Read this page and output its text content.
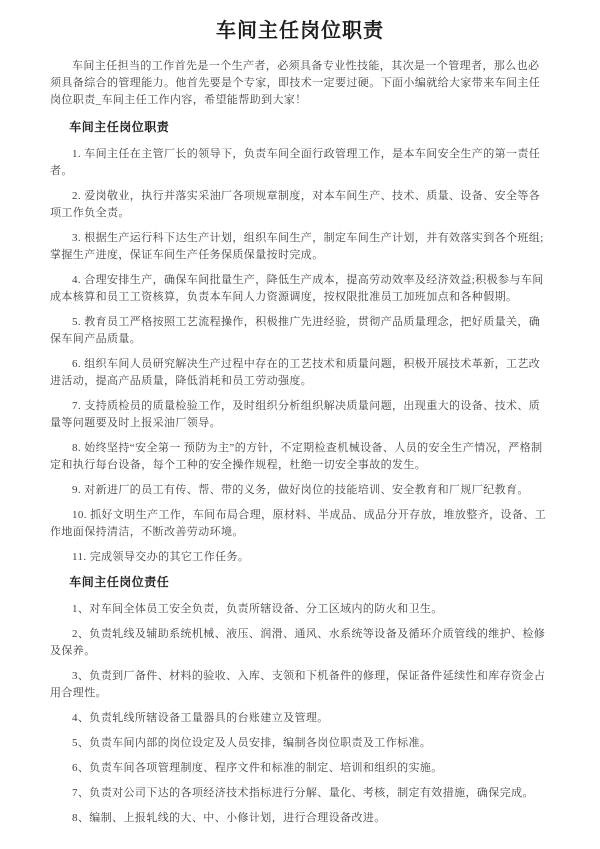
车间主任岗位职责

车间主任担当的工作首先是一个生产者，必须具备专业性技能，其次是一个管理者，那么也必须具备综合的管理能力。他首先要是个专家，即技术一定要过硬。下面小编就给大家带来车间主任岗位职责_车间主任工作内容，希望能帮助到大家！

车间主任岗位职责

1. 车间主任在主管厂长的领导下，负责车间全面行政管理工作，是本车间安全生产的第一责任者。

2. 爱岗敬业，执行并落实采油厂各项规章制度，对本车间生产、技术、质量、设备、安全等各项工作负全责。

3. 根据生产运行科下达生产计划，组织车间生产，制定车间生产计划，并有效落实到各个班组;掌握生产进度，保证车间生产任务保质保量按时完成。

4. 合理安排生产，确保车间批量生产，降低生产成本，提高劳动效率及经济效益;积极参与车间成本核算和员工工资核算，负责本车间人力资源调度，按权限批准员工加班加点和各种假期。

5. 教育员工严格按照工艺流程操作，积极推广先进经验，贯彻产品质量理念，把好质量关，确保车间产品质量。

6. 组织车间人员研究解决生产过程中存在的工艺技术和质量问题，积极开展技术革新，工艺改进活动，提高产品质量，降低消耗和员工劳动强度。

7. 支持质检员的质量检验工作，及时组织分析组织解决质量问题，出现重大的设备、技术、质量等问题要及时上报采油厂领导。

8. 始终坚持“安全第一 预防为主”的方针，不定期检查机械设备、人员的安全生产情况，严格制定和执行每台设备，每个工种的安全操作规程，杜绝一切安全事故的发生。

9. 对新进厂的员工有传、帮、带的义务，做好岗位的技能培训、安全教育和厂规厂纪教育。

10. 抓好文明生产工作，车间布局合理，原材料、半成品、成品分开存放，堆放整齐，设备、工作地面保持清洁，不断改善劳动环境。

11. 完成领导交办的其它工作任务。

车间主任岗位责任

1、对车间全体员工安全负责，负责所辖设备、分工区域内的防火和卫生。

2、负责轧线及辅助系统机械、液压、润滑、通风、水系统等设备及循环介质管线的维护、检修及保养。

3、负责到厂备件、材料的验收、入库、支领和下机备件的修理，保证备件延续性和库存资金占用合理性。

4、负责轧线所辖设备工量器具的台账建立及管理。

5、负责车间内部的岗位设定及人员安排，编制各岗位职责及工作标准。

6、负责车间各项管理制度、程序文件和标准的制定、培训和组织的实施。

7、负责对公司下达的各项经济技术指标进行分解、量化、考核，制定有效措施，确保完成。

8、编制、上报轧线的大、中、小修计划，进行合理设备改进。
